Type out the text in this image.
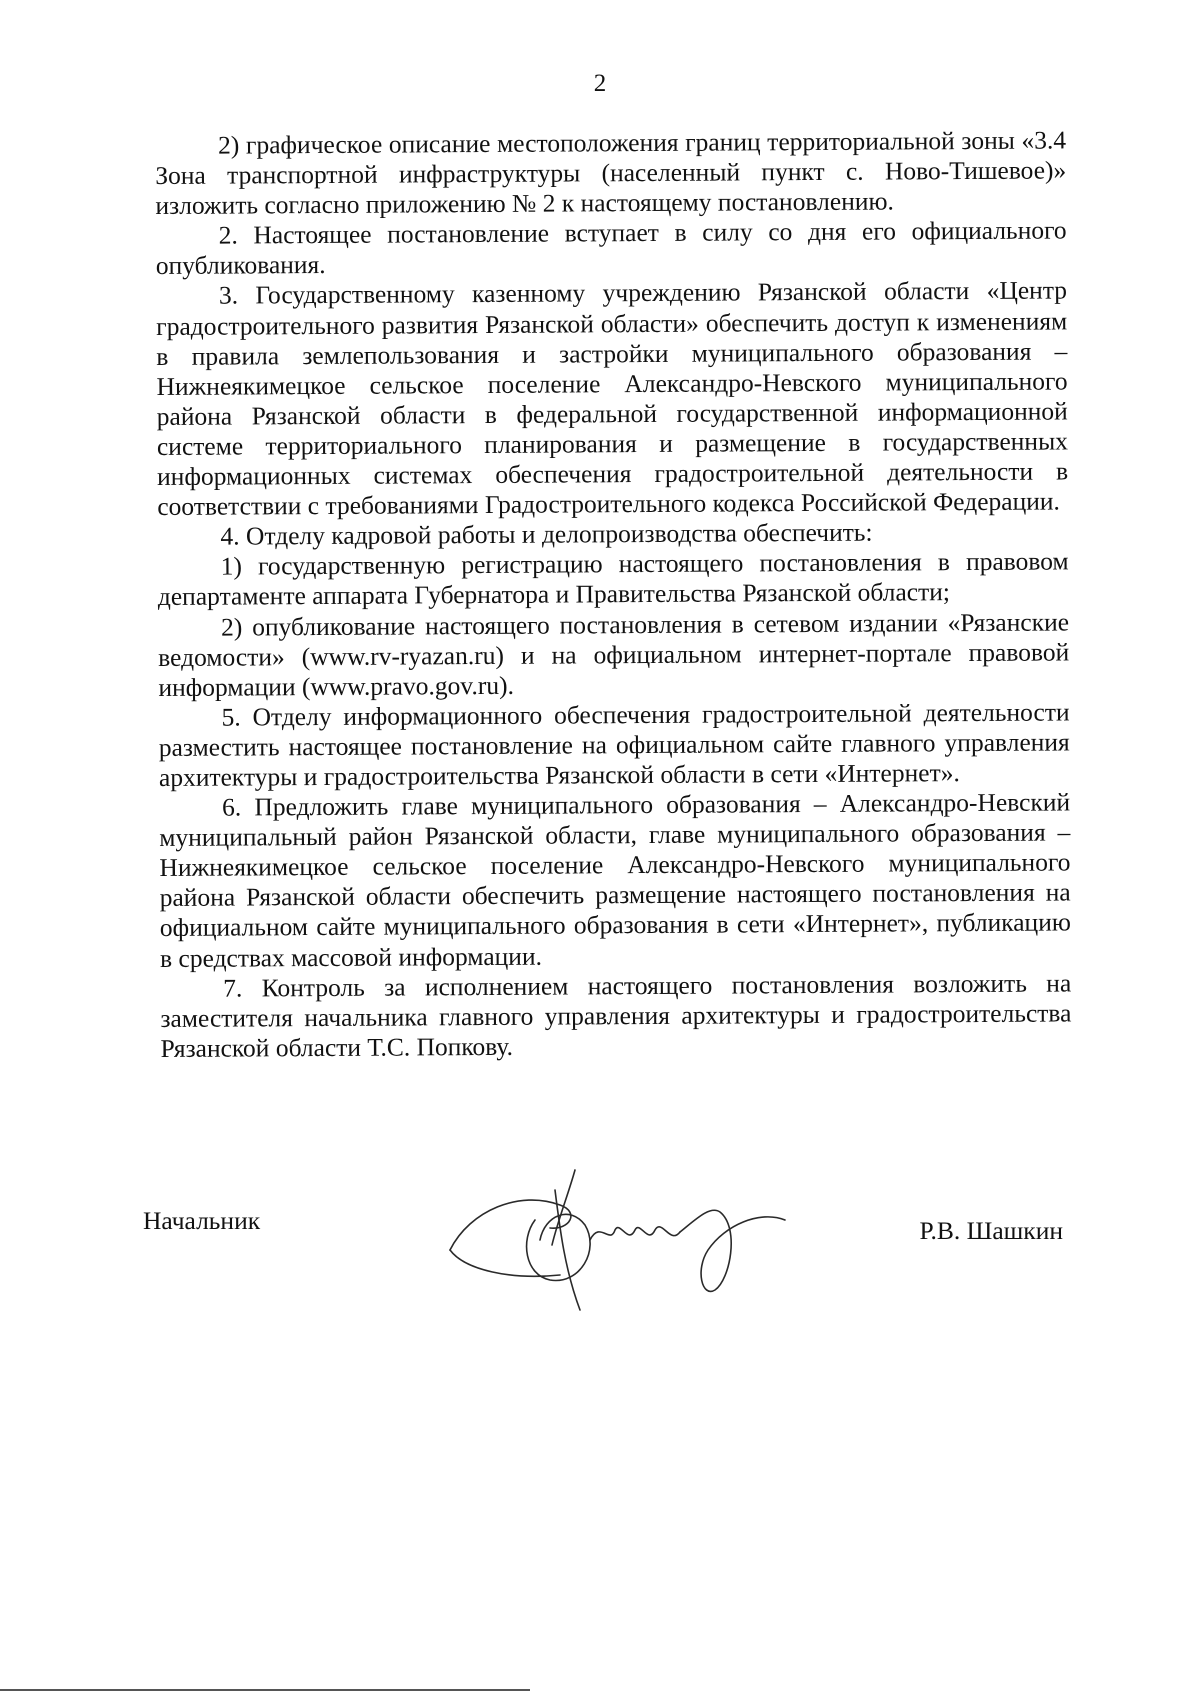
2

2) графическое описание местоположения границ территориальной зоны «3.4 Зона транспортной инфраструктуры (населенный пункт с. Ново-Тишевое)» изложить согласно приложению № 2 к настоящему постановлению.

2. Настоящее постановление вступает в силу со дня его официального опубликования.

3. Государственному казенному учреждению Рязанской области «Центр градостроительного развития Рязанской области» обеспечить доступ к изменениям в правила землепользования и застройки муниципального образования – Нижнеякимецкое сельское поселение Александро-Невского муниципального района Рязанской области в федеральной государственной информационной системе территориального планирования и размещение в государственных информационных системах обеспечения градостроительной деятельности в соответствии с требованиями Градостроительного кодекса Российской Федерации.

4. Отделу кадровой работы и делопроизводства обеспечить:

1) государственную регистрацию настоящего постановления в правовом департаменте аппарата Губернатора и Правительства Рязанской области;

2) опубликование настоящего постановления в сетевом издании «Рязанские ведомости» (www.rv-ryazan.ru) и на официальном интернет-портале правовой информации (www.pravo.gov.ru).

5. Отделу информационного обеспечения градостроительной деятельности разместить настоящее постановление на официальном сайте главного управления архитектуры и градостроительства Рязанской области в сети «Интернет».

6. Предложить главе муниципального образования – Александро-Невский муниципальный район Рязанской области, главе муниципального образования – Нижнеякимецкое сельское поселение Александро-Невского муниципального района Рязанской области обеспечить размещение настоящего постановления на официальном сайте муниципального образования в сети «Интернет», публикацию в средствах массовой информации.

7. Контроль за исполнением настоящего постановления возложить на заместителя начальника главного управления архитектуры и градостроительства Рязанской области Т.С. Попкову.

Начальник	Р.В. Шашкин
